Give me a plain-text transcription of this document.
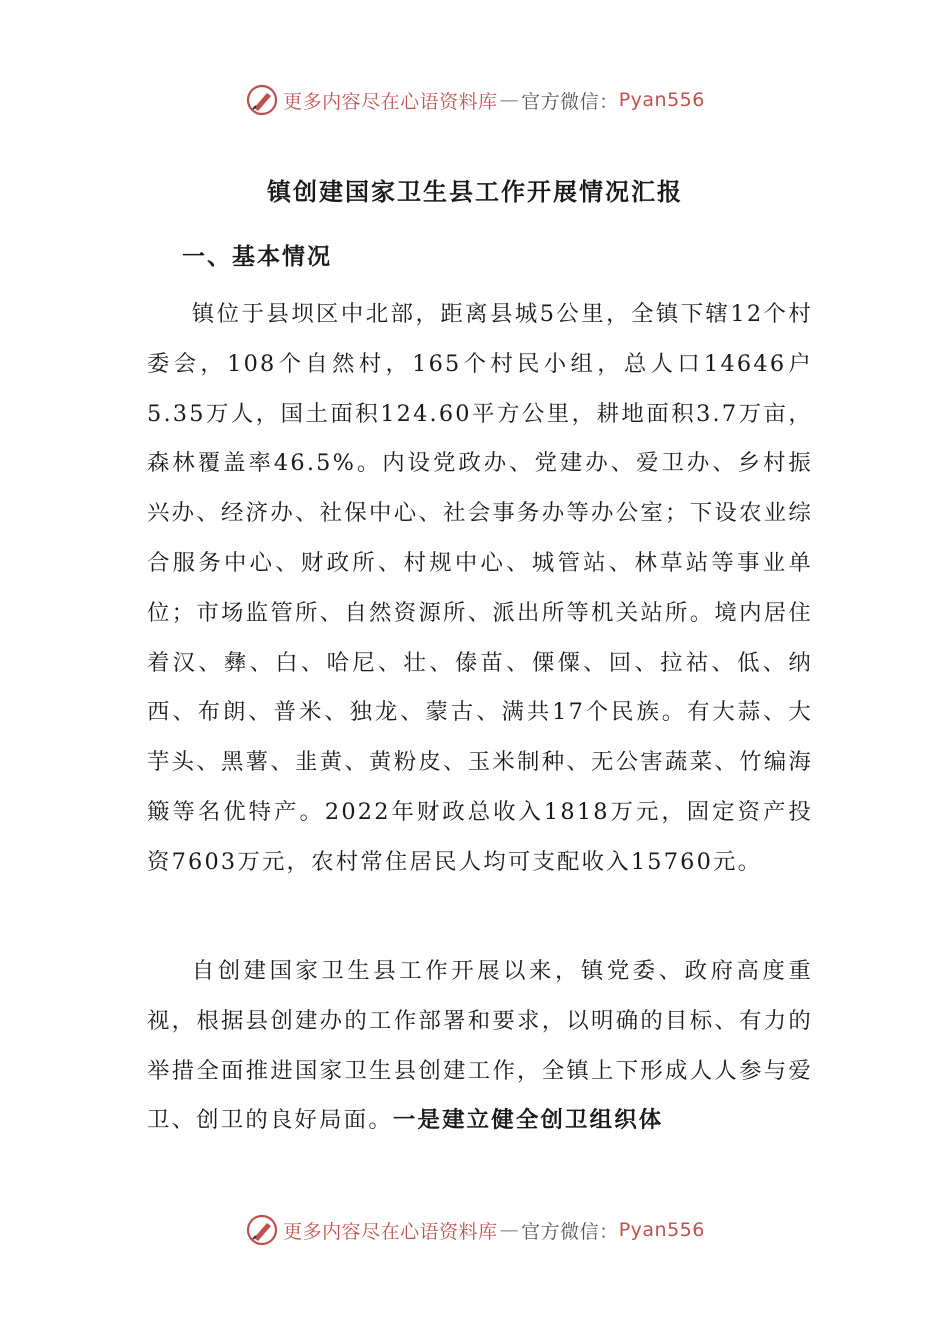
更多内容尽在心语资料库 — 官方微信： Pyan556
镇创建国家卫生县工作开展情况汇报
一、基本情况

镇位于县坝区中北部，距离县城5公里，全镇下辖12个村委会，108个自然村，165个村民小组，总人口14646户5.35万人，国土面积124.60平方公里，耕地面积3.7万亩，森林覆盖率46.5%。内设党政办、党建办、爱卫办、乡村振兴办、经济办、社保中心、社会事务办等办公室；下设农业综合服务中心、财政所、村规中心、城管站、林草站等事业单位；市场监管所、自然资源所、派出所等机关站所。境内居住着汉、彝、白、哈尼、壮、傣苗、傈僳、回、拉祜、低、纳西、布朗、普米、独龙、蒙古、满共17个民族。有大蒜、大芋头、黑薯、韭黄、黄粉皮、玉米制种、无公害蔬菜、竹编海簸等名优特产。2022年财政总收入1818万元，固定资产投资7603万元，农村常住居民人均可支配收入15760元。

自创建国家卫生县工作开展以来，镇党委、政府高度重视，根据县创建办的工作部署和要求，以明确的目标、有力的举措全面推进国家卫生县创建工作，全镇上下形成人人参与爱卫、创卫的良好局面。一是建立健全创卫组织体

更多内容尽在心语资料库 — 官方微信： Pyan556
